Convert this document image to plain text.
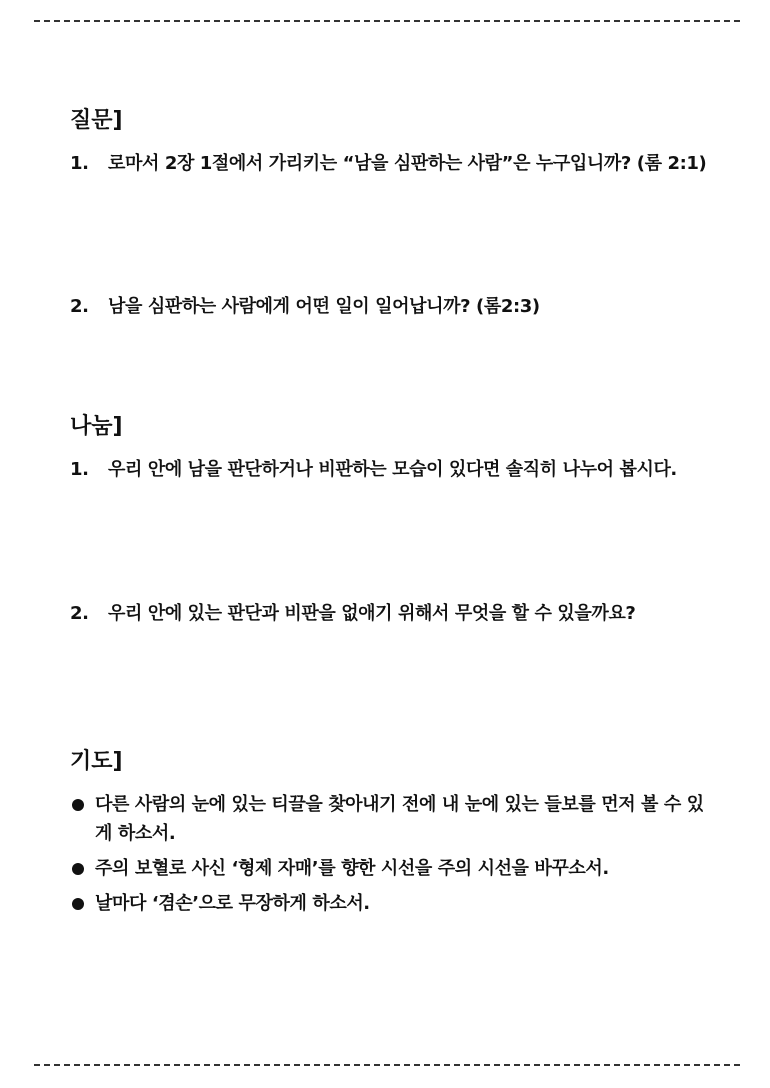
질문]
1. 로마서 2장 1절에서 가리키는 “남을 심판하는 사람”은 누구입니까? (롬 2:1)
2. 남을 심판하는 사람에게 어떤 일이 일어납니까? (롬2:3)
나눔]
1. 우리 안에 남을 판단하거나 비판하는 모습이 있다면 솔직히 나누어 봅시다.
2. 우리 안에 있는 판단과 비판을 없애기 위해서 무엇을 할 수 있을까요?
기도]
다른 사람의 눈에 있는 티끌을 찾아내기 전에 내 눈에 있는 들보를 먼저 볼 수 있게 하소서.
주의 보혈로 사신 ‘형제 자매’를 향한 시선을 주의 시선을 바꾸소서.
날마다 ‘겸손’으로 무장하게 하소서.
